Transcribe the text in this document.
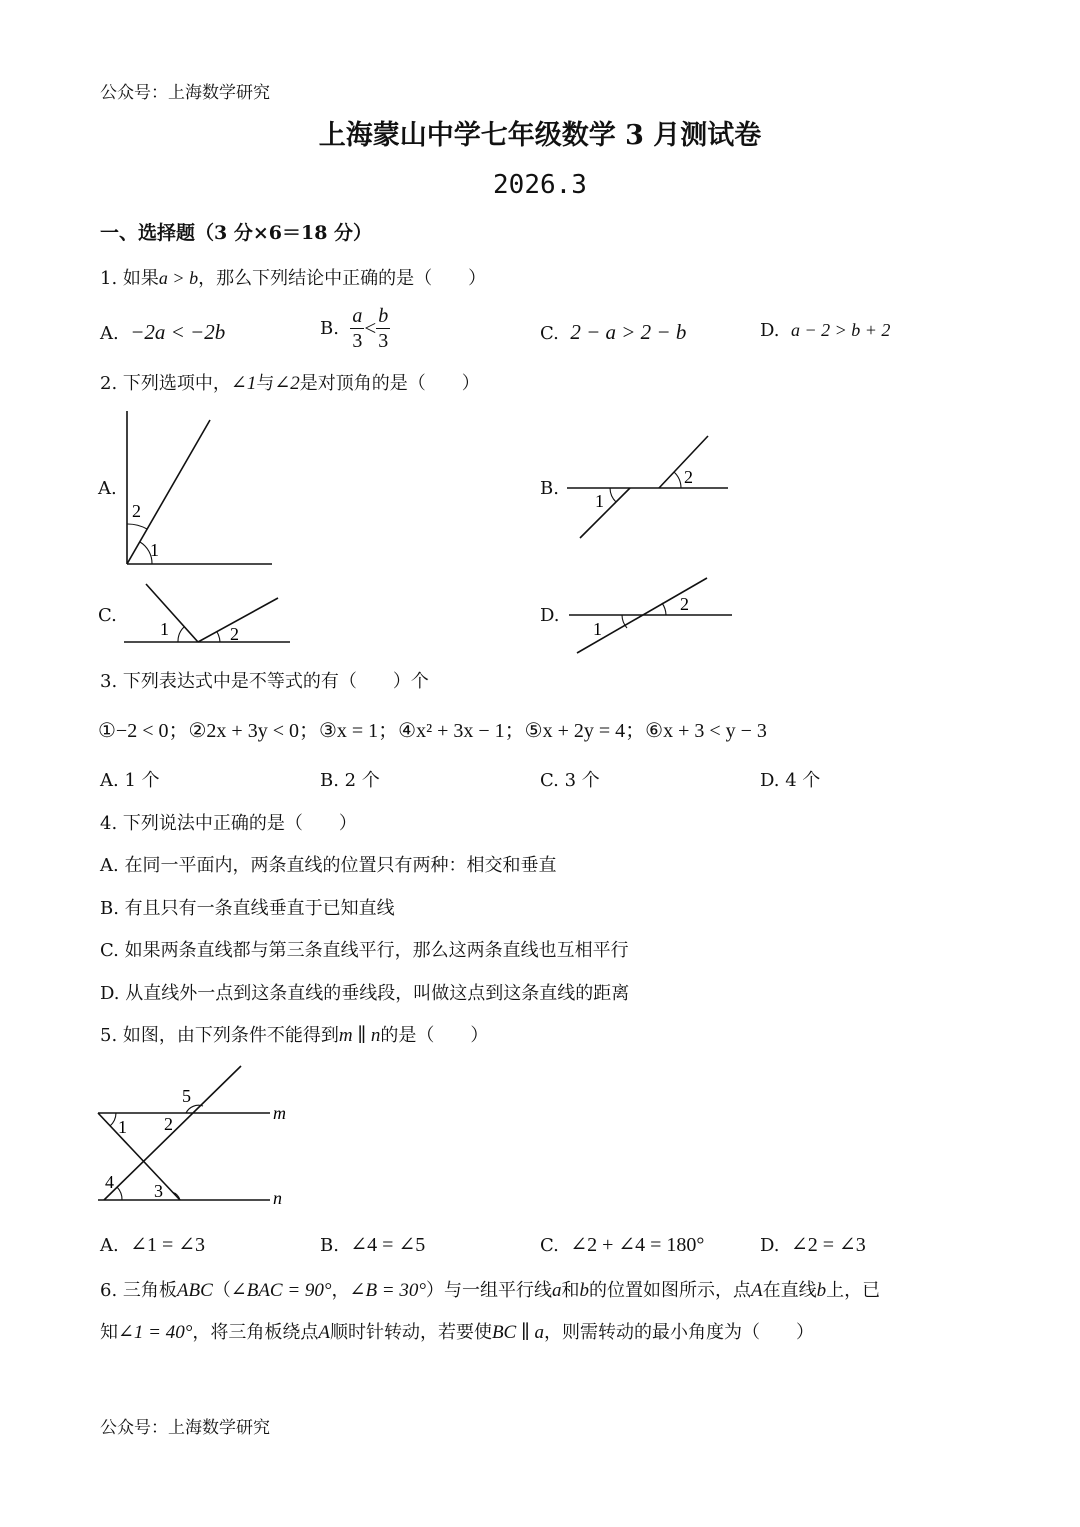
公众号：上海数学研究
上海蒙山中学七年级数学 3 月测试卷
2026.3
一、选择题（3 分×6＝18 分）
1. 如果a > b，那么下列结论中正确的是（　　）
A. −2a < −2b	B. $\frac{a}{3} < \frac{b}{3}$	C. 2 − a > 2 − b	D. a − 2 > b + 2
2. 下列选项中，∠1与∠2是对顶角的是（　　）
A.	B.
C.	D.
2
1
1
2
1	2	1
2
3. 下列表达式中是不等式的有（　　）个
①−2 < 0；②2x + 3y < 0；③x = 1；④x² + 3x − 1；⑤x + 2y = 4；⑥x + 3 < y − 3
A. 1 个	B. 2 个	C. 3 个	D. 4 个
4. 下列说法中正确的是（　　）
A. 在同一平面内，两条直线的位置只有两种：相交和垂直
B. 有且只有一条直线垂直于已知直线
C. 如果两条直线都与第三条直线平行，那么这两条直线也互相平行
D. 从直线外一点到这条直线的垂线段，叫做这点到这条直线的距离
5. 如图，由下列条件不能得到m ∥ n的是（　　）
1 2
3
4
5
m
n
A. ∠1 = ∠3	B. ∠4 = ∠5	C. ∠2 + ∠4 = 180°	D. ∠2 = ∠3
6. 三角板ABC（∠BAC = 90°，∠B = 30°）与一组平行线a和b的位置如图所示，点A在直线b上，已
知∠1 = 40°，将三角板绕点A顺时针转动，若要使BC ∥ a，则需转动的最小角度为（　　）
公众号：上海数学研究
